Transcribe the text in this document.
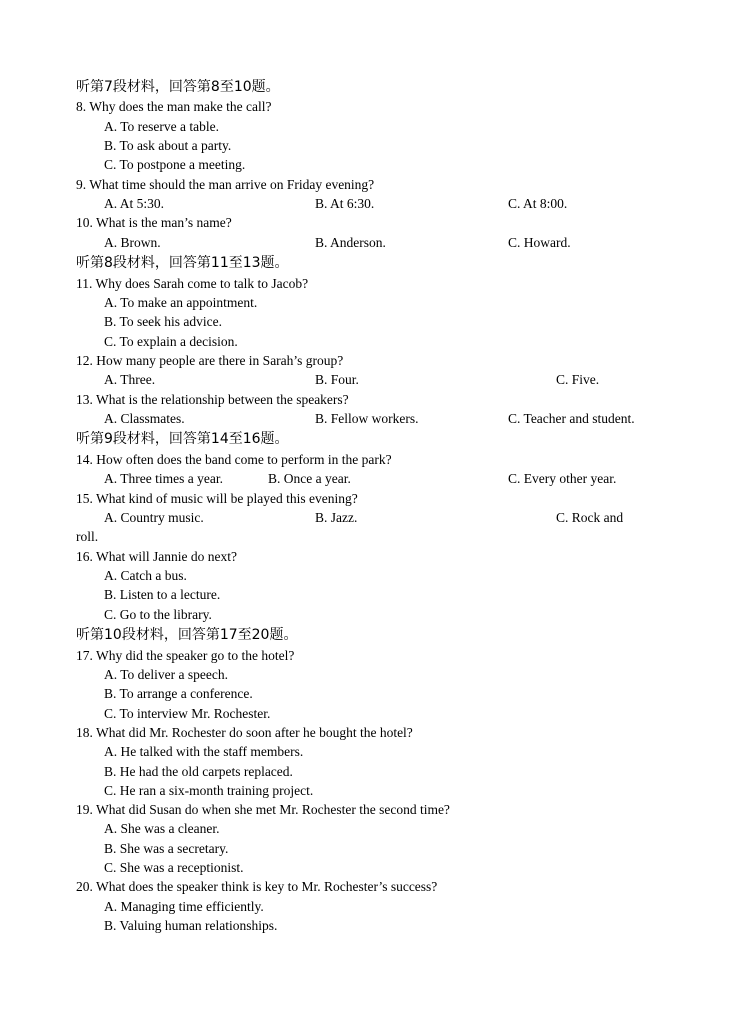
听第7段材料，回答第8至10题。
8. Why does the man make the call?
A. To reserve a table.
B. To ask about a party.
C. To postpone a meeting.
9. What time should the man arrive on Friday evening?
A. At 5:30.	B. At 6:30.	C. At 8:00.
10. What is the man’s name?
A. Brown.	B. Anderson.	C. Howard.
听第8段材料，回答第11至13题。
11. Why does Sarah come to talk to Jacob?
A. To make an appointment.
B. To seek his advice.
C. To explain a decision.
12. How many people are there in Sarah’s group?
A. Three.	B. Four.	C. Five.
13. What is the relationship between the speakers?
A. Classmates.	B. Fellow workers.	C. Teacher and student.
听第9段材料，回答第14至16题。
14. How often does the band come to perform in the park?
A. Three times a year.	B. Once a year.	C. Every other year.
15. What kind of music will be played this evening?
A. Country music.	B. Jazz.	C. Rock and
roll.
16. What will Jannie do next?
A. Catch a bus.
B. Listen to a lecture.
C. Go to the library.
听第10段材料，回答第17至20题。
17. Why did the speaker go to the hotel?
A. To deliver a speech.
B. To arrange a conference.
C. To interview Mr. Rochester.
18. What did Mr. Rochester do soon after he bought the hotel?
A. He talked with the staff members.
B. He had the old carpets replaced.
C. He ran a six-month training project.
19. What did Susan do when she met Mr. Rochester the second time?
A. She was a cleaner.
B. She was a secretary.
C. She was a receptionist.
20. What does the speaker think is key to Mr. Rochester’s success?
A. Managing time efficiently.
B. Valuing human relationships.
